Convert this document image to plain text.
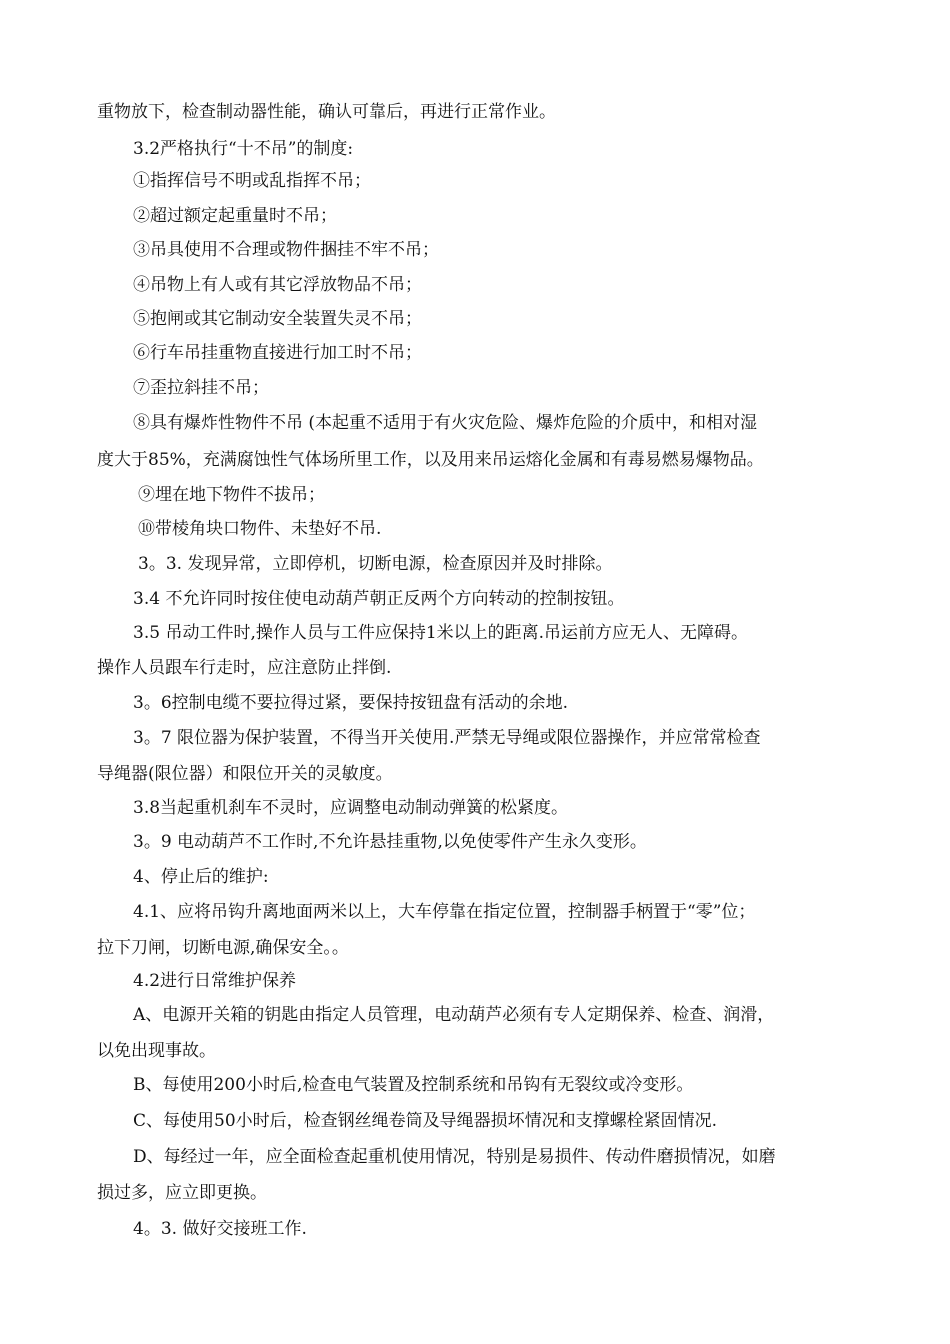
重物放下，检查制动器性能，确认可靠后，再进行正常作业。
3.2严格执行“十不吊”的制度:
①指挥信号不明或乱指挥不吊；
②超过额定起重量时不吊；
③吊具使用不合理或物件捆挂不牢不吊；
④吊物上有人或有其它浮放物品不吊；
⑤抱闸或其它制动安全装置失灵不吊；
⑥行车吊挂重物直接进行加工时不吊；
⑦歪拉斜挂不吊；
⑧具有爆炸性物件不吊 (本起重不适用于有火灾危险、爆炸危险的介质中，和相对湿
度大于85%，充满腐蚀性气体场所里工作，以及用来吊运熔化金属和有毒易燃易爆物品。
⑨埋在地下物件不拔吊；
⑩带棱角块口物件、未垫好不吊.
3。3. 发现异常，立即停机，切断电源，检查原因并及时排除。
3.4 不允许同时按住使电动葫芦朝正反两个方向转动的控制按钮。
3.5 吊动工件时,操作人员与工件应保持1米以上的距离.吊运前方应无人、无障碍。
操作人员跟车行走时，应注意防止拌倒.
3。6控制电缆不要拉得过紧，要保持按钮盘有活动的余地.
3。7 限位器为保护装置，不得当开关使用.严禁无导绳或限位器操作，并应常常检查
导绳器(限位器）和限位开关的灵敏度。
3.8当起重机刹车不灵时，应调整电动制动弹簧的松紧度。
3。9 电动葫芦不工作时,不允许悬挂重物,以免使零件产生永久变形。
4、停止后的维护:
4.1、应将吊钩升离地面两米以上，大车停靠在指定位置，控制器手柄置于“零”位；
拉下刀闸，切断电源,确保安全。。
4.2进行日常维护保养
A、电源开关箱的钥匙由指定人员管理，电动葫芦必须有专人定期保养、检查、润滑，
以免出现事故。
B、每使用200小时后,检查电气装置及控制系统和吊钩有无裂纹或冷变形。
C、每使用50小时后，检查钢丝绳卷筒及导绳器损坏情况和支撑螺栓紧固情况.
D、每经过一年，应全面检查起重机使用情况，特别是易损件、传动件磨损情况，如磨
损过多，应立即更换。
4。3. 做好交接班工作.
